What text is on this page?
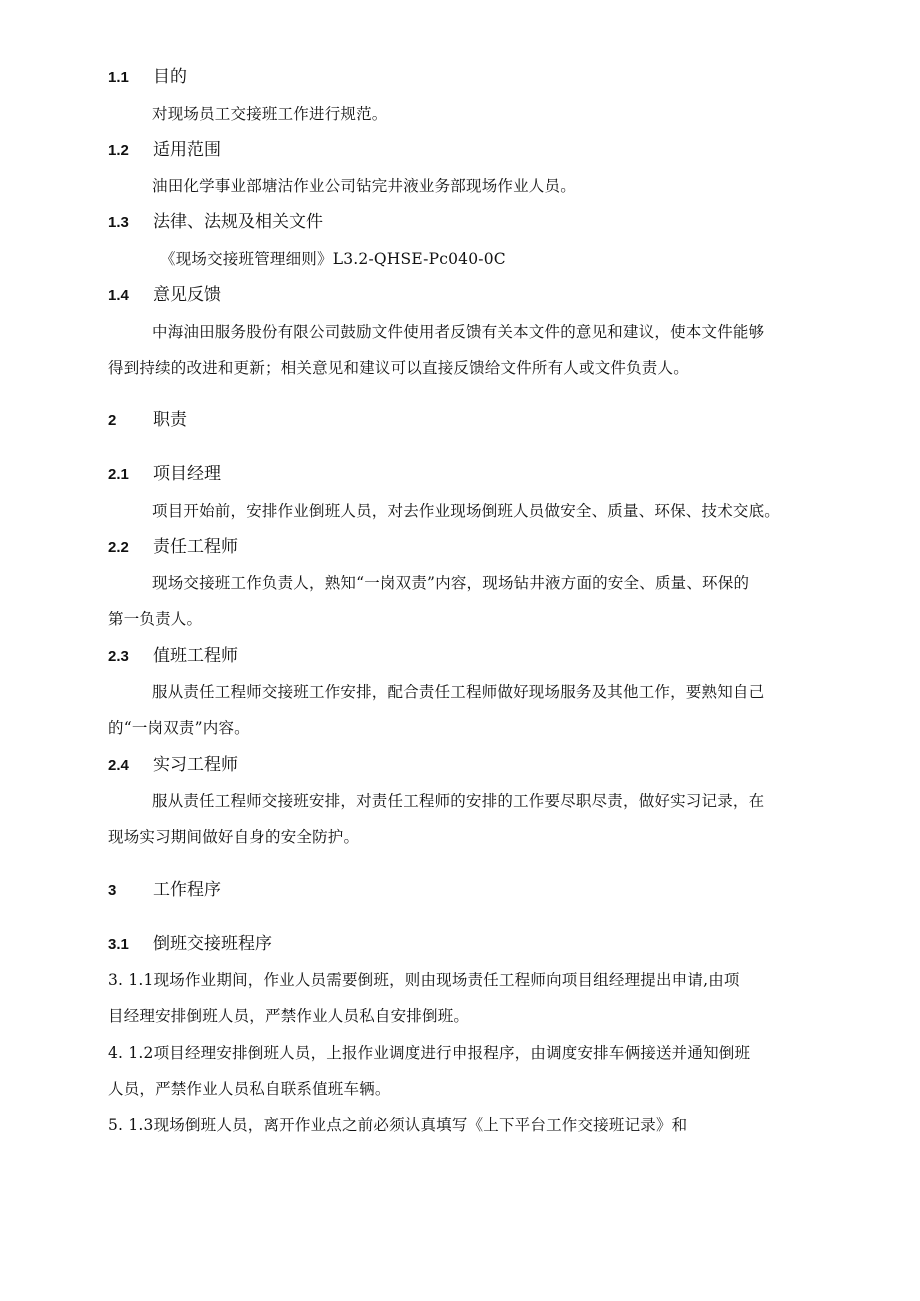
1.1 目的
对现场员工交接班工作进行规范。
1.2 适用范围
油田化学事业部塘沽作业公司钻完井液业务部现场作业人员。
1.3 法律、法规及相关文件
《现场交接班管理细则》L3.2-QHSE-Pc040-0C
1.4 意见反馈
中海油田服务股份有限公司鼓励文件使用者反馈有关本文件的意见和建议，使本文件能够
得到持续的改进和更新；相关意见和建议可以直接反馈给文件所有人或文件负责人。
2 职责
2.1 项目经理
项目开始前，安排作业倒班人员，对去作业现场倒班人员做安全、质量、环保、技术交底。
2.2 责任工程师
现场交接班工作负责人，熟知“一岗双责”内容，现场钻井液方面的安全、质量、环保的
第一负责人。
2.3 值班工程师
服从责任工程师交接班工作安排，配合责任工程师做好现场服务及其他工作，要熟知自己
的“一岗双责”内容。
2.4 实习工程师
服从责任工程师交接班安排，对责任工程师的安排的工作要尽职尽责，做好实习记录，在
现场实习期间做好自身的安全防护。
3 工作程序
3.1 倒班交接班程序
3. 1.1现场作业期间，作业人员需要倒班，则由现场责任工程师向项目组经理提出申请,由项
目经理安排倒班人员，严禁作业人员私自安排倒班。
4. 1.2项目经理安排倒班人员，上报作业调度进行申报程序，由调度安排车俩接送并通知倒班
人员，严禁作业人员私自联系值班车辆。
5. 1.3现场倒班人员，离开作业点之前必须认真填写《上下平台工作交接班记录》和
